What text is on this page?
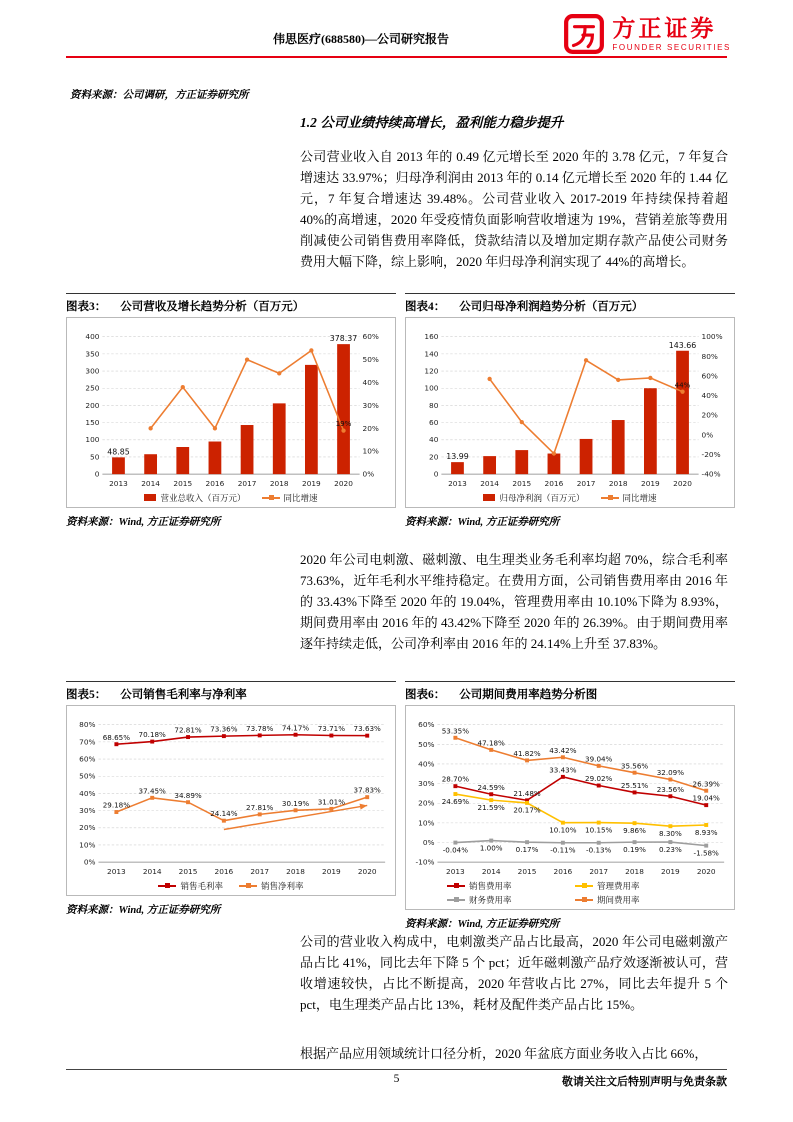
伟思医疗(688580)—公司研究报告	方正证券
FOUNDER SECURITIES
资料来源：公司调研，方正证券研究所
1.2 公司业绩持续高增长，盈利能力稳步提升
公司营业收入自 2013 年的 0.49 亿元增长至 2020 年的 3.78 亿元，7 年复合增速达 33.97%；归母净利润由 2013 年的 0.14 亿元增长至 2020 年的 1.44 亿元，7 年复合增速达 39.48%。公司营业收入 2017-2019 年持续保持着超 40%的高增速，2020 年受疫情负面影响营收增速为 19%，营销差旅等费用削减使公司销售费用率降低，贷款结清以及增加定期存款产品使公司财务费用大幅下降，综上影响，2020 年归母净利润实现了 44%的高增长。
2020 年公司电刺激、磁刺激、电生理类业务毛利率均超 70%，综合毛利率 73.63%，近年毛利水平维持稳定。在费用方面，公司销售费用率由 2016 年的 33.43%下降至 2020 年的 19.04%，管理费用率由 10.10%下降为 8.93%，期间费用率由 2016 年的 43.42%下降至 2020 年的 26.39%。由于期间费用率逐年持续走低，公司净利率由 2016 年的 24.14%上升至 37.83%。
公司的营业收入构成中，电刺激类产品占比最高，2020 年公司电磁刺激产品占比 41%，同比去年下降 5 个 pct；近年磁刺激产品疗效逐渐被认可，营收增速较快，占比不断提高，2020 年营收占比 27%，同比去年提升 5 个 pct，电生理类产品占比 13%，耗材及配件类产品占比 15%。
根据产品应用领域统计口径分析，2020 年盆底方面业务收入占比 66%，
图表3： 公司营收及增长趋势分析（百万元）
0
50
100
150
200
250
300
350
400
0%
10%
20%
30%
40%
50%
60%
2013 2014 2015 2016 2017 2018 2019 2020
48.85
378.37
19%
营业总收入（百万元）	同比增速
资料来源：Wind, 方正证券研究所
图表4： 公司归母净利润趋势分析（百万元）
0
20
40
60
80
100
120
140
160
-40%
-20%
0%
20%
40%
60%
80%
100%
2013 2014 2015 2016 2017 2018 2019 2020
13.99
143.66
44%
归母净利润（百万元）	同比增速
资料来源：Wind, 方正证券研究所
图表5： 公司销售毛利率与净利率
0%
10%
20%
30%
40%
50%
60%
70%
80%
2013 2014 2015 2016 2017 2018 2019 2020
68.65% 70.18%
72.81% 73.36% 73.78% 74.17% 73.71% 73.63%
29.18%
37.45% 34.89%
24.14%
27.81% 30.19% 31.01%
37.83%
销售毛利率	销售净利率
资料来源：Wind, 方正证券研究所
图表6： 公司期间费用率趋势分析图
-10%
0%
10%
20%
30%
40%
50%
60%
2013 2014 2015 2016 2017 2018 2019 2020
28.70%
24.59%
21.48%
33.43%
29.02%
25.51% 23.56%
19.04%
24.69%
21.59% 20.17%
10.10% 10.15% 9.86% 8.30% 8.93%
-0.04% 1.00% 0.17% -0.11% -0.13% 0.19% 0.23% -1.58%
53.35%
47.18%
41.82% 43.42%
39.04%
35.56%
32.09%
26.39%
销售费用率	管理费用率
财务费用率	期间费用率
资料来源：Wind, 方正证券研究所
5	敬请关注文后特别声明与免责条款
